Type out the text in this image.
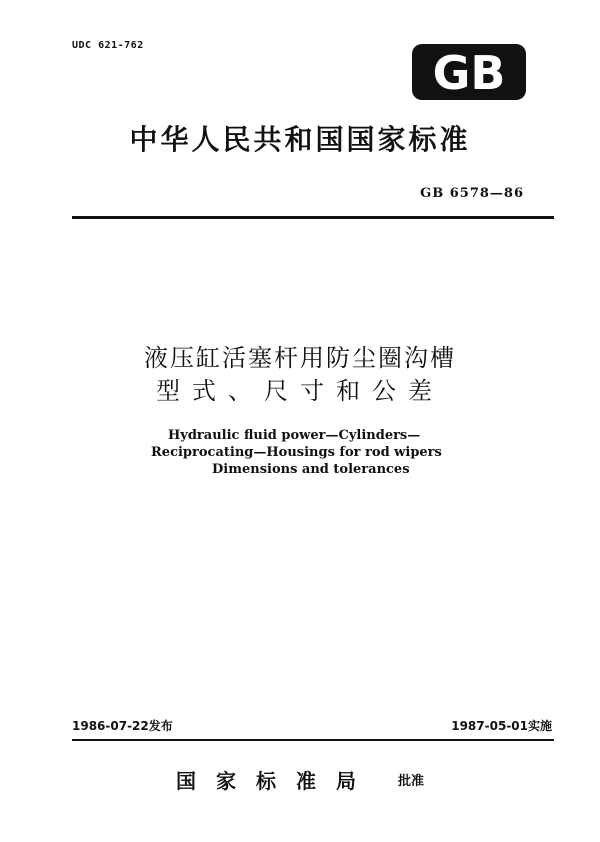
UDC 621-762
GB
中华人民共和国国家标准
GB 6578—86
液压缸活塞杆用防尘圈沟槽
型式、尺寸和公差
Hydraulic fluid power—Cylinders—
Reciprocating—Housings for rod wipers
Dimensions and tolerances
1986-07-22发布	1987-05-01实施
国家标准局 批准
